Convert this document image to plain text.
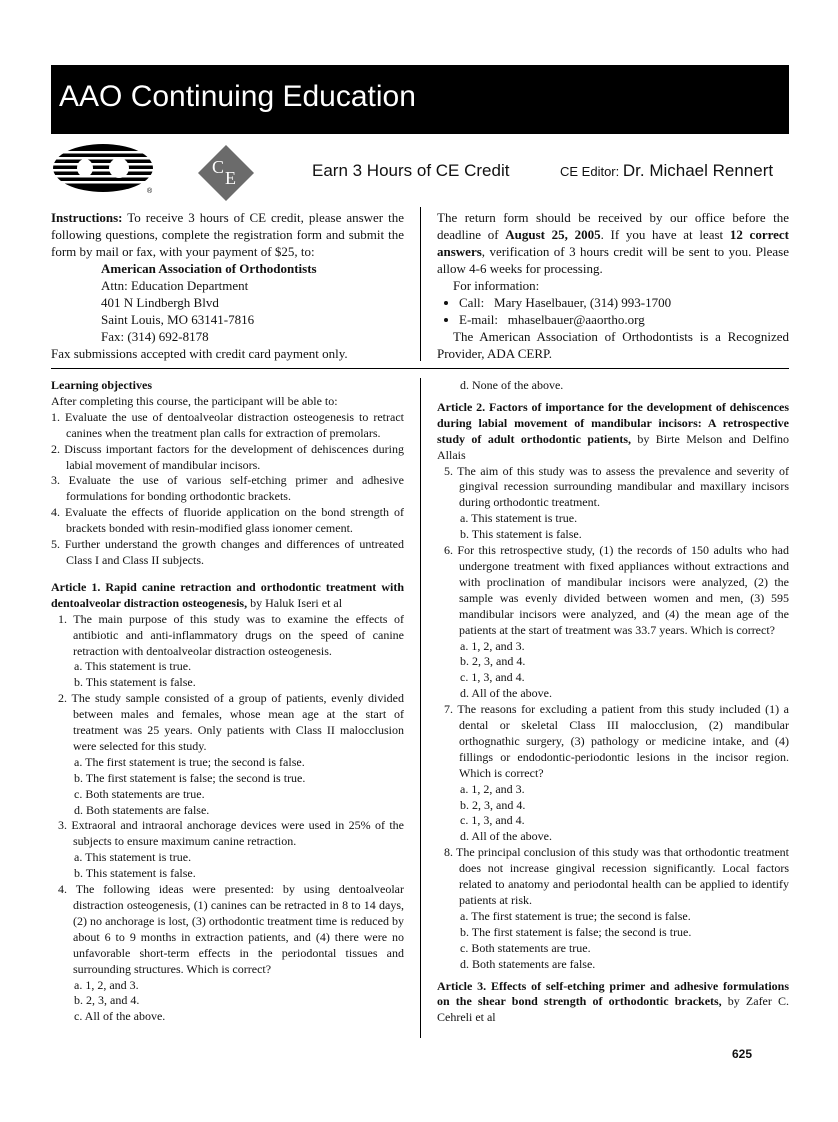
AAO Continuing Education
®
C
E	Earn 3 Hours of CE Credit	CE Editor: Dr. Michael Rennert
Instructions: To receive 3 hours of CE credit, please answer the following questions, complete the registration form and submit the form by mail or fax, with your payment of $25, to:
American Association of Orthodontists
Attn: Education Department
401 N Lindbergh Blvd
Saint Louis, MO 63141-7816
Fax: (314) 692-8178
Fax submissions accepted with credit card payment only.
The return form should be received by our office before the deadline of August 25, 2005. If you have at least 12 correct answers, verification of 3 hours credit will be sent to you. Please allow 4-6 weeks for processing.
For information:
• Call:   Mary Haselbauer, (314) 993-1700
• E-mail:   mhaselbauer@aaortho.org
The American Association of Orthodontists is a Recognized Provider, ADA CERP.

Learning objectives

After completing this course, the participant will be able to:

1. Evaluate the use of dentoalveolar distraction osteogenesis to retract canines when the treatment plan calls for extraction of premolars.

2. Discuss important factors for the development of dehiscences during labial movement of mandibular incisors.

3. Evaluate the use of various self-etching primer and adhesive formulations for bonding orthodontic brackets.

4. Evaluate the effects of fluoride application on the bond strength of brackets bonded with resin-modified glass ionomer cement.

5. Further understand the growth changes and differences of untreated Class I and Class II subjects.

Article 1. Rapid canine retraction and orthodontic treatment with dentoalveolar distraction osteogenesis, by Haluk Iseri et al

1. The main purpose of this study was to examine the effects of antibiotic and anti-inflammatory drugs on the speed of canine retraction with dentoalveolar distraction osteogenesis.

a. This statement is true.

b. This statement is false.

2. The study sample consisted of a group of patients, evenly divided between males and females, whose mean age at the start of treatment was 25 years. Only patients with Class II malocclusion were selected for this study.

a. The first statement is true; the second is false.

b. The first statement is false; the second is true.

c. Both statements are true.

d. Both statements are false.

3. Extraoral and intraoral anchorage devices were used in 25% of the subjects to ensure maximum canine retraction.

a. This statement is true.

b. This statement is false.

4. The following ideas were presented: by using dentoalveolar distraction osteogenesis, (1) canines can be retracted in 8 to 14 days, (2) no anchorage is lost, (3) orthodontic treatment time is reduced by about 6 to 9 months in extraction patients, and (4) there were no unfavorable short-term effects in the periodontal tissues and surrounding structures. Which is correct?

a. 1, 2, and 3.

b. 2, 3, and 4.

c. All of the above.

d. None of the above.

Article 2. Factors of importance for the development of dehiscences during labial movement of mandibular incisors: A retrospective study of adult orthodontic patients, by Birte Melson and Delfino Allais

5. The aim of this study was to assess the prevalence and severity of gingival recession surrounding mandibular and maxillary incisors during orthodontic treatment.

a. This statement is true.

b. This statement is false.

6. For this retrospective study, (1) the records of 150 adults who had undergone treatment with fixed appliances without extractions and with proclination of mandibular incisors were analyzed, (2) the sample was evenly divided between women and men, (3) 595 mandibular incisors were analyzed, and (4) the mean age of the patients at the start of treatment was 33.7 years. Which is correct?

a. 1, 2, and 3.

b. 2, 3, and 4.

c. 1, 3, and 4.

d. All of the above.

7. The reasons for excluding a patient from this study included (1) a dental or skeletal Class III malocclusion, (2) mandibular orthognathic surgery, (3) pathology or medicine intake, and (4) fillings or endodontic-periodontic lesions in the incisor region. Which is correct?

a. 1, 2, and 3.

b. 2, 3, and 4.

c. 1, 3, and 4.

d. All of the above.

8. The principal conclusion of this study was that orthodontic treatment does not increase gingival recession significantly. Local factors related to anatomy and periodontal health can be applied to identify patients at risk.

a. The first statement is true; the second is false.

b. The first statement is false; the second is true.

c. Both statements are true.

d. Both statements are false.

Article 3. Effects of self-etching primer and adhesive formulations on the shear bond strength of orthodontic brackets, by Zafer C. Cehreli et al

625
